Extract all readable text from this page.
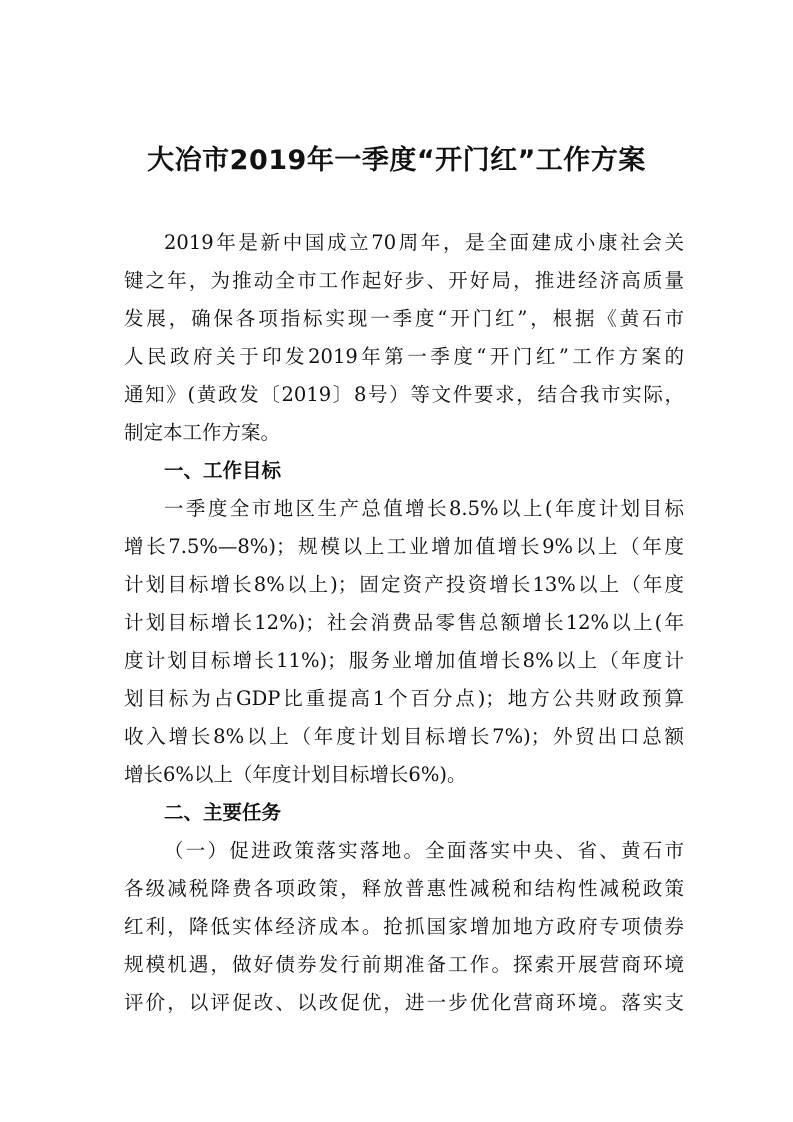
大冶市2019年一季度“开门红”工作方案
2019年是新中国成立70周年，是全面建成小康社会关
键之年，为推动全市工作起好步、开好局，推进经济高质量
发展，确保各项指标实现一季度“开门红”，根据《黄石市
人民政府关于印发2019年第一季度“开门红”工作方案的
通知》(黄政发〔2019〕8号）等文件要求，结合我市实际，
制定本工作方案。
一、工作目标
一季度全市地区生产总值增长8.5%以上(年度计划目标
增长7.5%—8%)；规模以上工业增加值增长9%以上（年度
计划目标增长8%以上)；固定资产投资增长13%以上（年度
计划目标增长12%)；社会消费品零售总额增长12%以上(年
度计划目标增长11%)；服务业增加值增长8%以上（年度计
划目标为占GDP比重提高1个百分点)；地方公共财政预算
收入增长8%以上（年度计划目标增长7%)；外贸出口总额
增长6%以上（年度计划目标增长6%)。
二、主要任务
（一）促进政策落实落地。全面落实中央、省、黄石市
各级减税降费各项政策，释放普惠性减税和结构性减税政策
红利，降低实体经济成本。抢抓国家增加地方政府专项债券
规模机遇，做好债券发行前期准备工作。探索开展营商环境
评价，以评促改、以改促优，进一步优化营商环境。落实支
